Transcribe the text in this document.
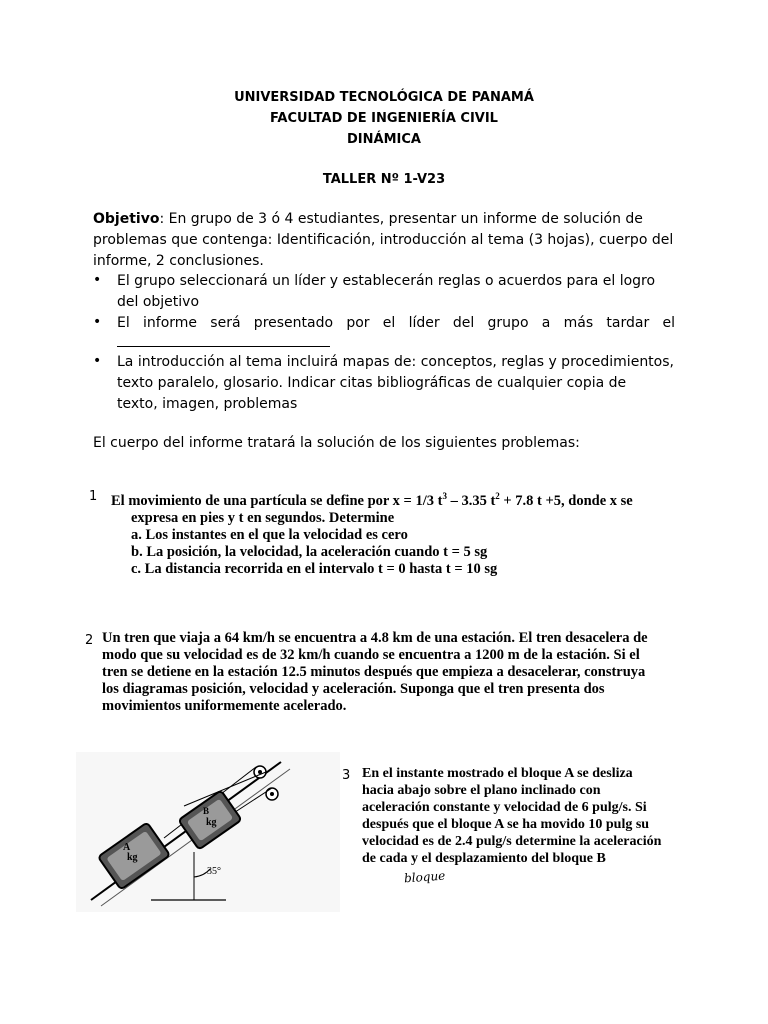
UNIVERSIDAD TECNOLÓGICA DE PANAMÁ
FACULTAD DE INGENIERÍA CIVIL
DINÁMICA
TALLER Nº 1-V23
Objetivo: En grupo de 3 ó 4 estudiantes, presentar un informe de solución de
problemas que contenga: Identificación, introducción al tema (3 hojas), cuerpo del
informe, 2 conclusiones.
• El grupo seleccionará un líder y establecerán reglas o acuerdos para el logro
del objetivo
• El informe será presentado por el líder del grupo a más tardar el
• La introducción al tema incluirá mapas de: conceptos, reglas y procedimientos,
texto paralelo, glosario. Indicar citas bibliográficas de cualquier copia de
texto, imagen, problemas
El cuerpo del informe tratará la solución de los siguientes problemas:
1 El movimiento de una partícula se define por x = 1/3 $t^3 - 3.35$ $t^2 + 7.8$ t +5, donde x se
expresa en pies y t en segundos. Determine
a. Los instantes en el que la velocidad es cero
b. La posición, la velocidad, la aceleración cuando t = 5 sg
c. La distancia recorrida en el intervalo t = 0 hasta t = 10 sg
2 Un tren que viaja a 64 km/h se encuentra a 4.8 km de una estación. El tren desacelera de
modo que su velocidad es de 32 km/h cuando se encuentra a 1200 m de la estación. Si el
tren se detiene en la estación 12.5 minutos después que empieza a desacelerar, construya
los diagramas posición, velocidad y aceleración. Suponga que el tren presenta dos
movimientos uniformemente acelerado.
A
kg
B
kg
35°
3 En el instante mostrado el bloque A se desliza
hacia abajo sobre el plano inclinado con
aceleración constante y velocidad de 6 pulg/s. Si
después que el bloque A se ha movido 10 pulg su
velocidad es de 2.4 pulg/s determine la aceleración
de cada y el desplazamiento del bloque B
bloque
